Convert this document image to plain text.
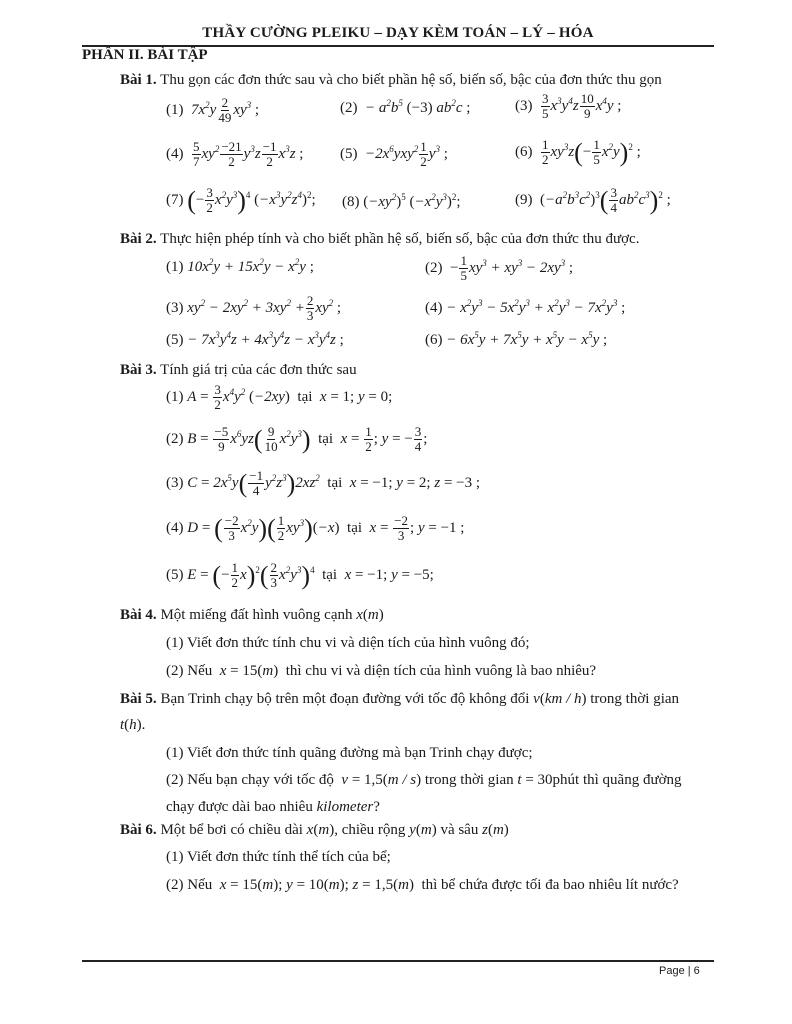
THẦY CƯỜNG PLEIKU – DẠY KÈM TOÁN – LÝ – HÓA
PHẦN II. BÀI TẬP
Bài 1. Thu gọn các đơn thức sau và cho biết phần hệ số, biến số, bậc của đơn thức thu gọn
(1) $7x^2y \frac{2}{49} xy^3$ ;	$(2) - a^2b^5$ (−3) $ab^2c$ ;	$(3) \frac{3}{5} x^3y^4z \frac{10}{9} x^4y$ ;
$(4) \frac{5}{7} xy^2 \frac{-21}{2} y^3z \frac{-1}{2} x^3z$ ; $(5) -2x^6yxy^2 \frac{1}{2} y^3$ ;	$(6) \frac{1}{2} xy^3z(- \frac{1}{5} x^2y)^2$ ;
(7) (− $\frac{3}{2} x^2y^3)^4$ $(-x^3y^2z^4)^2$; (8) $(-xy^2)^5$ $(-x^2y^3)^2$;	(9)  $(-a^2b^3c^2)^3( \frac{3}{4} ab^2c^3)^2$ ;
Bài 2. Thực hiện phép tính và cho biết phần hệ số, biến số, bậc của đơn thức thu được.
(1) $10x^2y + 15x^2y - x^2y$ ;	$(2) - \frac{1}{5} xy^3 + xy^3 - 2xy^3$ ;
(3) $xy^2 - 2xy^2 + 3xy^2 + \frac{2}{3} xy^2$ ;	$(4) - x^2y^3 - 5x^2y^3 + x^2y^3 - 7x^2y^3$ ;
$(5) - 7x^3y^4z + 4x^3y^4z - x^3y^4z$ ;	$(6) - 6x^5y + 7x^5y + x^5y - x^5y$ ;
Bài 3. Tính giá trị của các đơn thức sau
(1) $A = \frac{3}{2} x^4y^2$ (−2xy)  tại x = 1; y = 0;
(2) $B = \frac{-5}{9} x^6yz( \frac{9}{10} x^2y^3)$ tại $x = \frac{1}{2}$ ; y = − $\frac{3}{4}$ ;
(3) $C = 2x^5y( \frac{-1}{4} y^2z^3)2xz^2$ tại x = −1; y = 2; z = −3 ;
(4) D = ( $\frac{-2}{3} x^2y)( \frac{1}{2} xy^3)(-x)$  tại $x = \frac{-2}{3}$ ; y = −1 ;
(5) E = (− $\frac{1}{2} x)^2( \frac{2}{3} x^2y^3)^4$ tại x = −1; y = −5;
Bài 4. Một miếng đất hình vuông cạnh x(m)
(1) Viết đơn thức tính chu vi và diện tích của hình vuông đó;
(2) Nếu x = 15(m)  thì chu vi và diện tích của hình vuông là bao nhiêu?
Bài 5. Bạn Trinh chạy bộ trên một đoạn đường với tốc độ không đổi v(km / h) trong thời gian
t(h).
(1) Viết đơn thức tính quãng đường mà bạn Trinh chạy được;
(2) Nếu bạn chạy với tốc độ v = 1,5(m / s) trong thời gian t = 30phút thì quãng đường
chạy được dài bao nhiêu kilometer?
Bài 6. Một bể bơi có chiều dài x(m), chiều rộng y(m) và sâu z(m)
(1) Viết đơn thức tính thể tích của bể;
(2) Nếu x = 15(m); y = 10(m); z = 1,5(m)  thì bể chứa được tối đa bao nhiêu lít nước?
Page | 6
